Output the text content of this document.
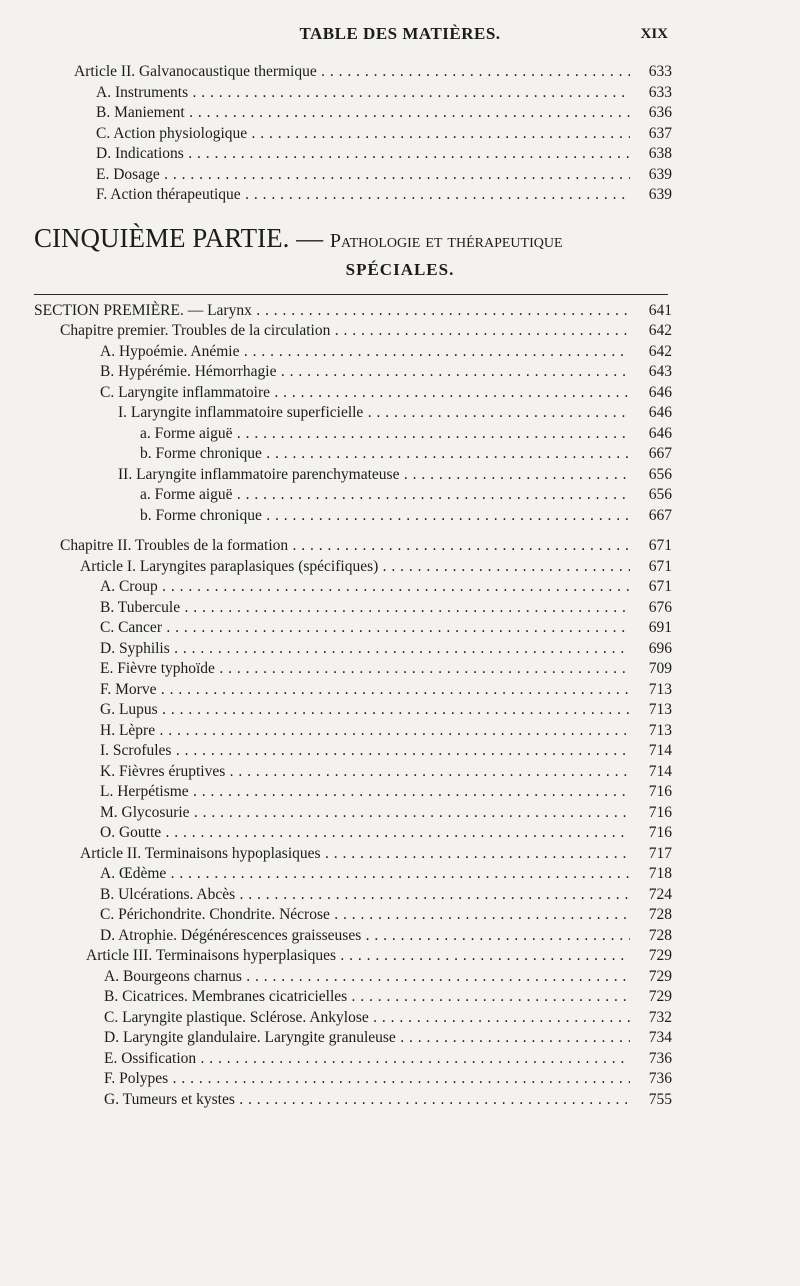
TABLE DES MATIÈRES.	XIX
Article II. Galvanocaustique thermique . . .	633
A. Instruments . . .	633
B. Maniement . . .	636
C. Action physiologique . . .	637
D. Indications . . .	638
E. Dosage . . .	639
F. Action thérapeutique . . .	639
CINQUIÈME PARTIE. — Pathologie et thérapeutique
SPÉCIALES.
SECTION PREMIÈRE. — Larynx . . .	641
Chapitre premier. Troubles de la circulation . . .	642
A. Hypoémie. Anémie . . .	642
B. Hypérémie. Hémorrhagie . . .	643
C. Laryngite inflammatoire . . .	646
I. Laryngite inflammatoire superficielle . . .	646
a. Forme aiguë . . .	646
b. Forme chronique . . .	667
II. Laryngite inflammatoire parenchymateuse . . .	656
a. Forme aiguë . . .	656
b. Forme chronique . . .	667
Chapitre II. Troubles de la formation . . .	671
Article I. Laryngites paraplasiques (spécifiques) . . .	671
A. Croup . . .	671
B. Tubercule . . .	676
C. Cancer . . .	691
D. Syphilis . . .	696
E. Fièvre typhoïde . . .	709
F. Morve . . .	713
G. Lupus . . .	713
H. Lèpre . . .	713
I. Scrofules . . .	714
K. Fièvres éruptives . . .	714
L. Herpétisme . . .	716
M. Glycosurie . . .	716
O. Goutte . . .	716
Article II. Terminaisons hypoplasiques . . .	717
A. Œdème . . .	718
B. Ulcérations. Abcès . . .	724
C. Périchondrite. Chondrite. Nécrose . . .	728
D. Atrophie. Dégénérescences graisseuses . . .	728
Article III. Terminaisons hyperplasiques . . .	729
A. Bourgeons charnus . . .	729
B. Cicatrices. Membranes cicatricielles . . .	729
C. Laryngite plastique. Sclérose. Ankylose . . .	732
D. Laryngite glandulaire. Laryngite granuleuse . . .	734
E. Ossification . . .	736
F. Polypes . . .	736
G. Tumeurs et kystes . . .	755
